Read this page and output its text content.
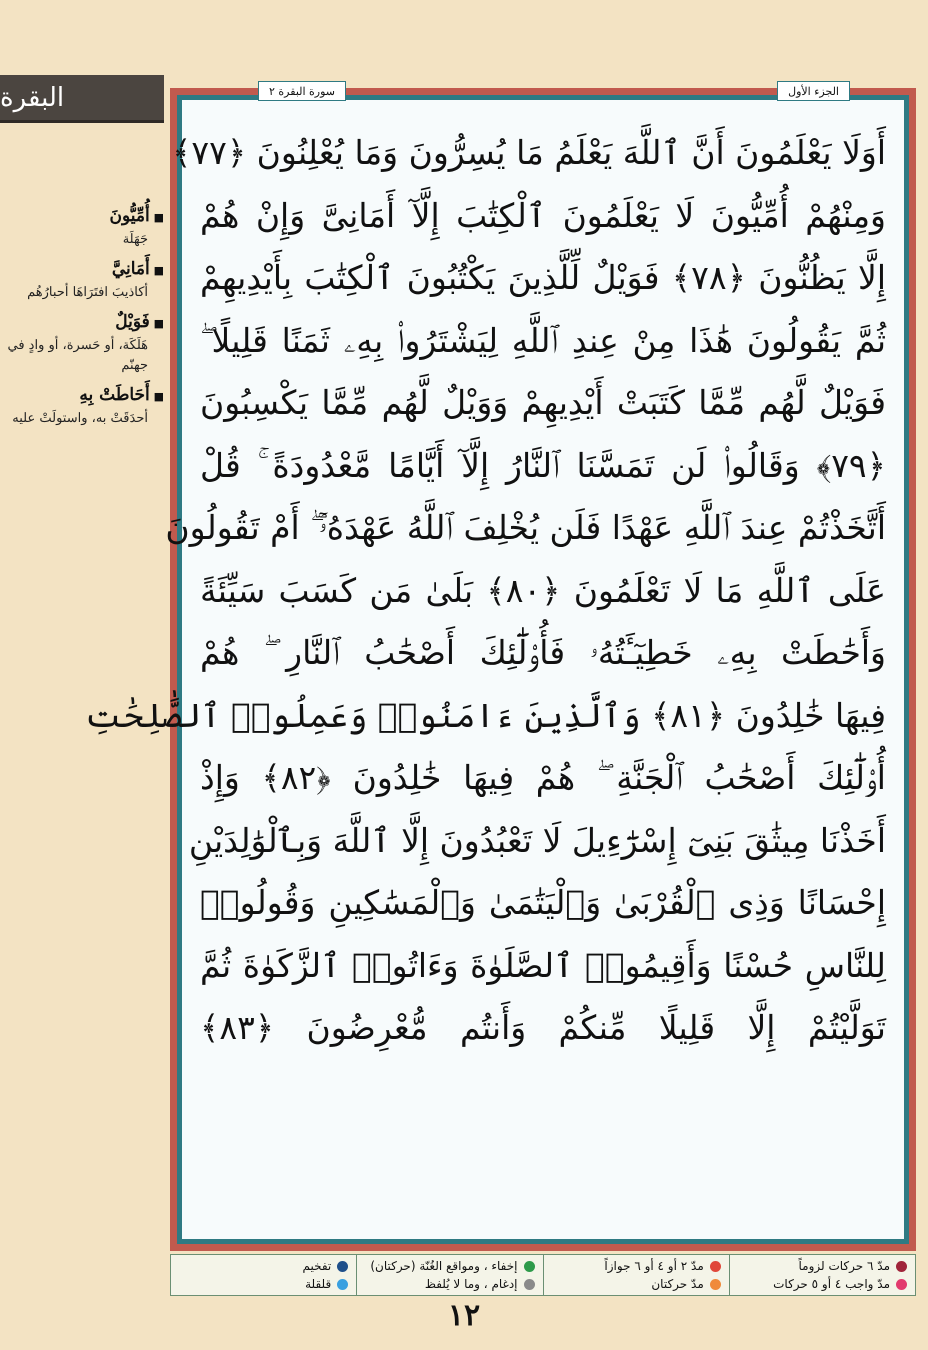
البقرة
■ أُمِّيُّونَ
جَهَلَة
■ أَمَانِيَّ
أكاذيبَ افتَرَاهَا أحبارُهُم
■ فَوَيْلٌ
هَلَكَة، أو حَسرة، أو وادٍ في جهنّم
■ أَحَاطَتْ بِهِ
أحدَقَتْ به، واستولَتْ عليه
أَوَلَا يَعْلَمُونَ أَنَّ ٱللَّهَ يَعْلَمُ مَا يُسِرُّونَ وَمَا يُعْلِنُونَ ﴿٧٧﴾
وَمِنْهُمْ أُمِّيُّونَ لَا يَعْلَمُونَ ٱلْكِتَٰبَ إِلَّآ أَمَانِىَّ وَإِنْ هُمْ
إِلَّا يَظُنُّونَ ﴿٧٨﴾ فَوَيْلٌ لِّلَّذِينَ يَكْتُبُونَ ٱلْكِتَٰبَ بِأَيْدِيهِمْ
ثُمَّ يَقُولُونَ هَٰذَا مِنْ عِندِ ٱللَّهِ لِيَشْتَرُوا۟ بِهِۦ ثَمَنًا قَلِيلًا ۖ
فَوَيْلٌ لَّهُم مِّمَّا كَتَبَتْ أَيْدِيهِمْ وَوَيْلٌ لَّهُم مِّمَّا يَكْسِبُونَ
﴿٧٩﴾ وَقَالُوا۟ لَن تَمَسَّنَا ٱلنَّارُ إِلَّآ أَيَّامًا مَّعْدُودَةً ۚ قُلْ
أَتَّخَذْتُمْ عِندَ ٱللَّهِ عَهْدًا فَلَن يُخْلِفَ ٱللَّهُ عَهْدَهُۥٓ ۖ أَمْ تَقُولُونَ
عَلَى ٱللَّهِ مَا لَا تَعْلَمُونَ ﴿٨٠﴾ بَلَىٰ مَن كَسَبَ سَيِّئَةً
وَأَحَٰطَتْ بِهِۦ خَطِيٓـَٔتُهُۥ فَأُو۟لَٰٓئِكَ أَصْحَٰبُ ٱلنَّارِ ۖ هُمْ
فِيهَا خَٰلِدُونَ ﴿٨١﴾ وَٱلَّذِينَ ءَامَنُوا۟ وَعَمِلُوا۟ ٱلصَّٰلِحَٰتِ
أُو۟لَٰٓئِكَ أَصْحَٰبُ ٱلْجَنَّةِ ۖ هُمْ فِيهَا خَٰلِدُونَ ﴿٨٢﴾ وَإِذْ
أَخَذْنَا مِيثَٰقَ بَنِىٓ إِسْرَٰٓءِيلَ لَا تَعْبُدُونَ إِلَّا ٱللَّهَ وَبِٱلْوَٰلِدَيْنِ
إِحْسَانًا وَذِى ٱلْقُرْبَىٰ وَٱلْيَتَٰمَىٰ وَٱلْمَسَٰكِينِ وَقُولُوا۟
لِلنَّاسِ حُسْنًا وَأَقِيمُوا۟ ٱلصَّلَوٰةَ وَءَاتُوا۟ ٱلزَّكَوٰةَ ثُمَّ
تَوَلَّيْتُمْ إِلَّا قَلِيلًا مِّنكُمْ وَأَنتُم مُّعْرِضُونَ ﴿٨٣﴾
الجزء الأول
سورة البقرة ٢
تفخيم
قلقلة
إخفاء ، ومواقع الغُنّة (حركتان)
إدغام ، وما لا يُلفظ
مدّ ٢ أو ٤ أو ٦ جوازاً
مدّ حركتان
مدّ ٦ حركات لزوماً
مدّ واجب ٤ أو ٥ حركات
١٢
